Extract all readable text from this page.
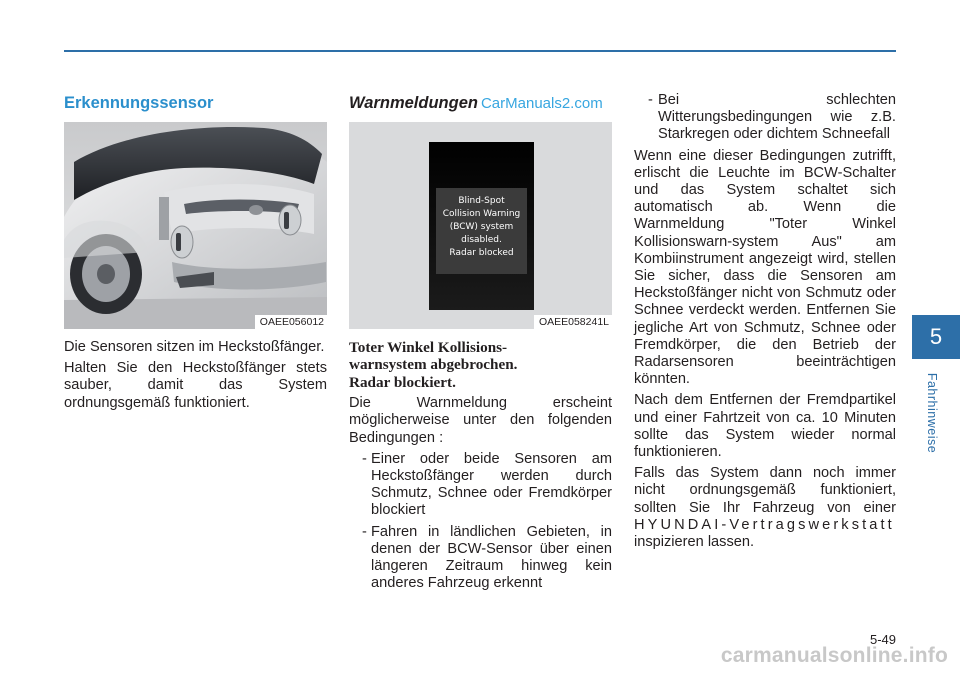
Erkennungssensor
OAEE056012

Die Sensoren sitzen im Heckstoßfänger.

Halten Sie den Heckstoßfänger stets sauber, damit das System ordnungsgemäß funktioniert.

Warnmeldungen CarManuals2.com
Blind-Spot
Collision Warning
(BCW) system
disabled.
Radar blocked
OAEE058241L
Toter Winkel Kollisions-
warnsystem abgebrochen.
Radar blockiert.

Die Warnmeldung erscheint möglicherweise unter den folgenden Bedingungen :

- Einer oder beide Sensoren am Heckstoßfänger werden durch Schmutz, Schnee oder Fremdkörper blockiert
- Fahren in ländlichen Gebieten, in denen der BCW-Sensor über einen längeren Zeitraum hinweg kein anderes Fahrzeug erkennt
- Bei schlechten Witterungsbedingungen wie z.B. Starkregen oder dichtem Schneefall

Wenn eine dieser Bedingungen zutrifft, erlischt die Leuchte im BCW-Schalter und das System schaltet sich automatisch ab. Wenn die Warnmeldung "Toter Winkel Kollisionswarn-system Aus" am Kombiinstrument angezeigt wird, stellen Sie sicher, dass die Sensoren am Heckstoßfänger nicht von Schmutz oder Schnee verdeckt werden. Entfernen Sie jegliche Art von Schmutz, Schnee oder Fremdkörper, die den Betrieb der Radarsensoren beeinträchtigen könnten.

Nach dem Entfernen der Fremdpartikel und einer Fahrtzeit von ca. 10 Minuten sollte das System wieder normal funktionieren.

Falls das System dann noch immer nicht ordnungsgemäß funktioniert, sollten Sie Ihr Fahrzeug von einer HYUNDAI-Vertragswerkstatt inspizieren lassen.

5
Fahrhinweise
5-49
carmanualsonline.info
